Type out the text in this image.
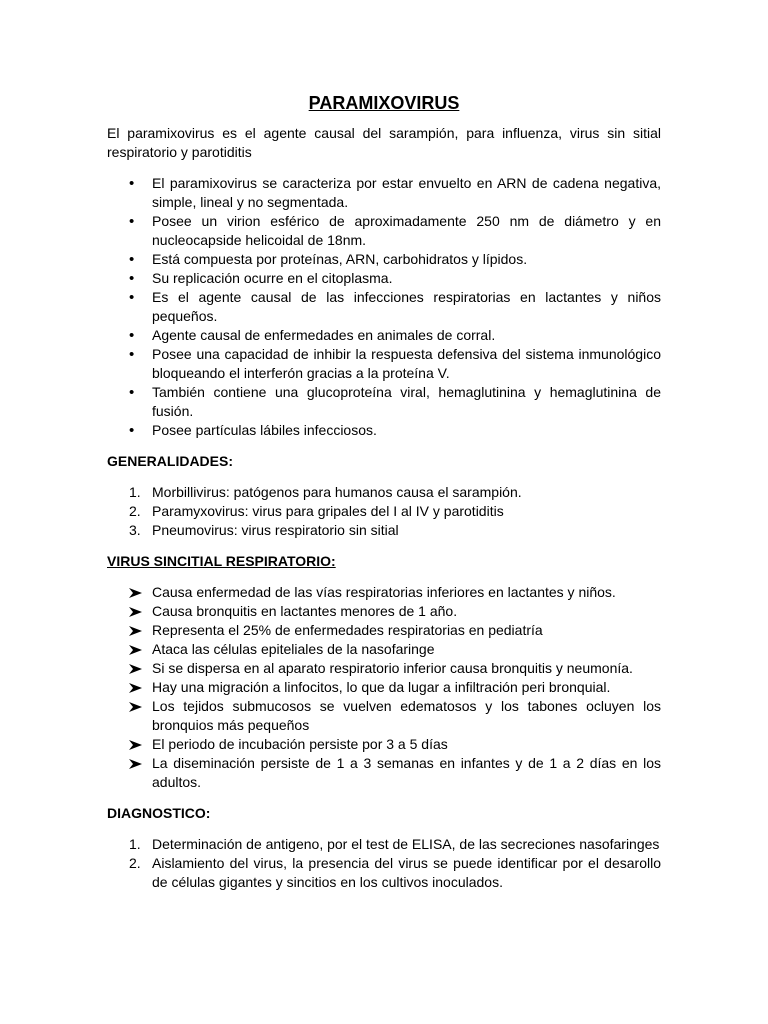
PARAMIXOVIRUS

El paramixovirus es el agente causal del sarampión, para influenza, virus sin sitial respiratorio y parotiditis

• El paramixovirus se caracteriza por estar envuelto en ARN de cadena negativa, simple, lineal y no segmentada.
• Posee un virion esférico de aproximadamente 250 nm de diámetro y en nucleocapside helicoidal de 18nm.
• Está compuesta por proteínas, ARN, carbohidratos y lípidos.
• Su replicación ocurre en el citoplasma.
• Es el agente causal de las infecciones respiratorias en lactantes y niños pequeños.
• Agente causal de enfermedades en animales de corral.
• Posee una capacidad de inhibir la respuesta defensiva del sistema inmunológico bloqueando el interferón gracias a la proteína V.
• También contiene una glucoproteína viral, hemaglutinina y hemaglutinina de fusión.
• Posee partículas lábiles infecciosos.
GENERALIDADES:
1. Morbillivirus: patógenos para humanos causa el sarampión.
2. Paramyxovirus: virus para gripales del I al IV y parotiditis
3. Pneumovirus: virus respiratorio sin sitial
VIRUS SINCITIAL RESPIRATORIO:
Causa enfermedad de las vías respiratorias inferiores en lactantes y niños.
Causa bronquitis en lactantes menores de 1 año.
Representa el 25% de enfermedades respiratorias en pediatría
Ataca las células epiteliales de la nasofaringe
Si se dispersa en al aparato respiratorio inferior causa bronquitis y neumonía.
Hay una migración a linfocitos, lo que da lugar a infiltración peri bronquial.
Los tejidos submucosos se vuelven edematosos y los tabones ocluyen los bronquios más pequeños
El periodo de incubación persiste por 3 a 5 días
La diseminación persiste de 1 a 3 semanas en infantes y de 1 a 2 días en los adultos.
DIAGNOSTICO:
1. Determinación de antigeno, por el test de ELISA, de las secreciones nasofaringes
2. Aislamiento del virus, la presencia del virus se puede identificar por el desarollo de células gigantes y sincitios en los cultivos inoculados.
